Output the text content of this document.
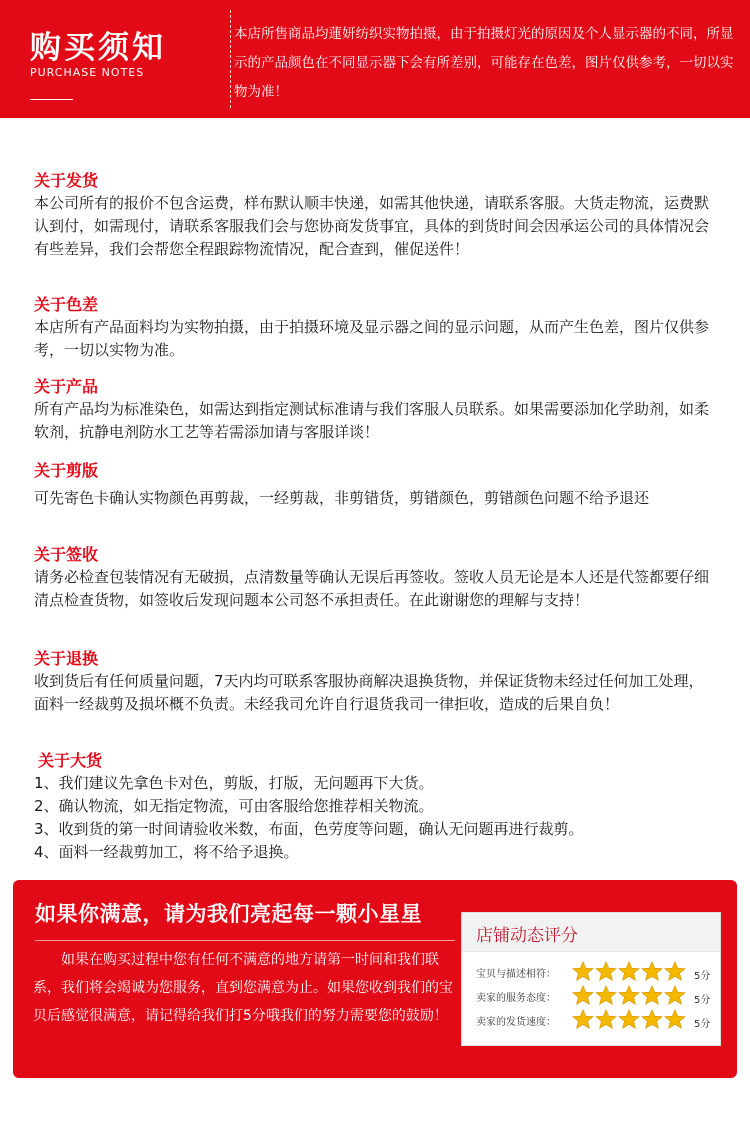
购买须知
PURCHASE NOTES
本店所售商品均蓮妍纺织实物拍摄，由于拍摄灯光的原因及个人显示器的不同，所显示的产品颜色在不同显示器下会有所差别，可能存在色差，图片仅供参考，一切以实物为准！
关于发货
本公司所有的报价不包含运费，样布默认顺丰快递，如需其他快递，请联系客服。大货走物流，运费默认到付，如需现付，请联系客服我们会与您协商发货事宜，具体的到货时间会因承运公司的具体情况会有些差异，我们会帮您全程跟踪物流情况，配合查到，催促送件！
关于色差
本店所有产品面料均为实物拍摄，由于拍摄环境及显示器之间的显示问题，从而产生色差，图片仅供参考，一切以实物为准。
关于产品
所有产品均为标准染色，如需达到指定测试标准请与我们客服人员联系。如果需要添加化学助剂，如柔软剂，抗静电剂防水工艺等若需添加请与客服详谈！
关于剪版
可先寄色卡确认实物颜色再剪裁，一经剪裁，非剪错货，剪错颜色，剪错颜色问题不给予退还
关于签收
请务必检查包装情况有无破损，点清数量等确认无误后再签收。签收人员无论是本人还是代签都要仔细清点检查货物，如签收后发现问题本公司怒不承担责任。在此谢谢您的理解与支持！
关于退换
收到货后有任何质量问题，7天内均可联系客服协商解决退换货物，并保证货物未经过任何加工处理，面料一经裁剪及损坏概不负责。未经我司允许自行退货我司一律拒收，造成的后果自负！
关于大货
1、我们建议先拿色卡对色，剪版，打版，无问题再下大货。
2、确认物流，如无指定物流，可由客服给您推荐相关物流。
3、收到货的第一时间请验收米数，布面，色劳度等问题，确认无问题再进行裁剪。
4、面料一经裁剪加工，将不给予退换。
如果你满意，请为我们亮起每一颗小星星
如果在购买过程中您有任何不满意的地方请第一时间和我们联系，我们将会竭诚为您服务，直到您满意为止。如果您收到我们的宝贝后感觉很满意，请记得给我们打5分哦我们的努力需要您的鼓励！
店铺动态评分
宝贝与描述相符：	5分
卖家的服务态度：	5分
卖家的发货速度：	5分
